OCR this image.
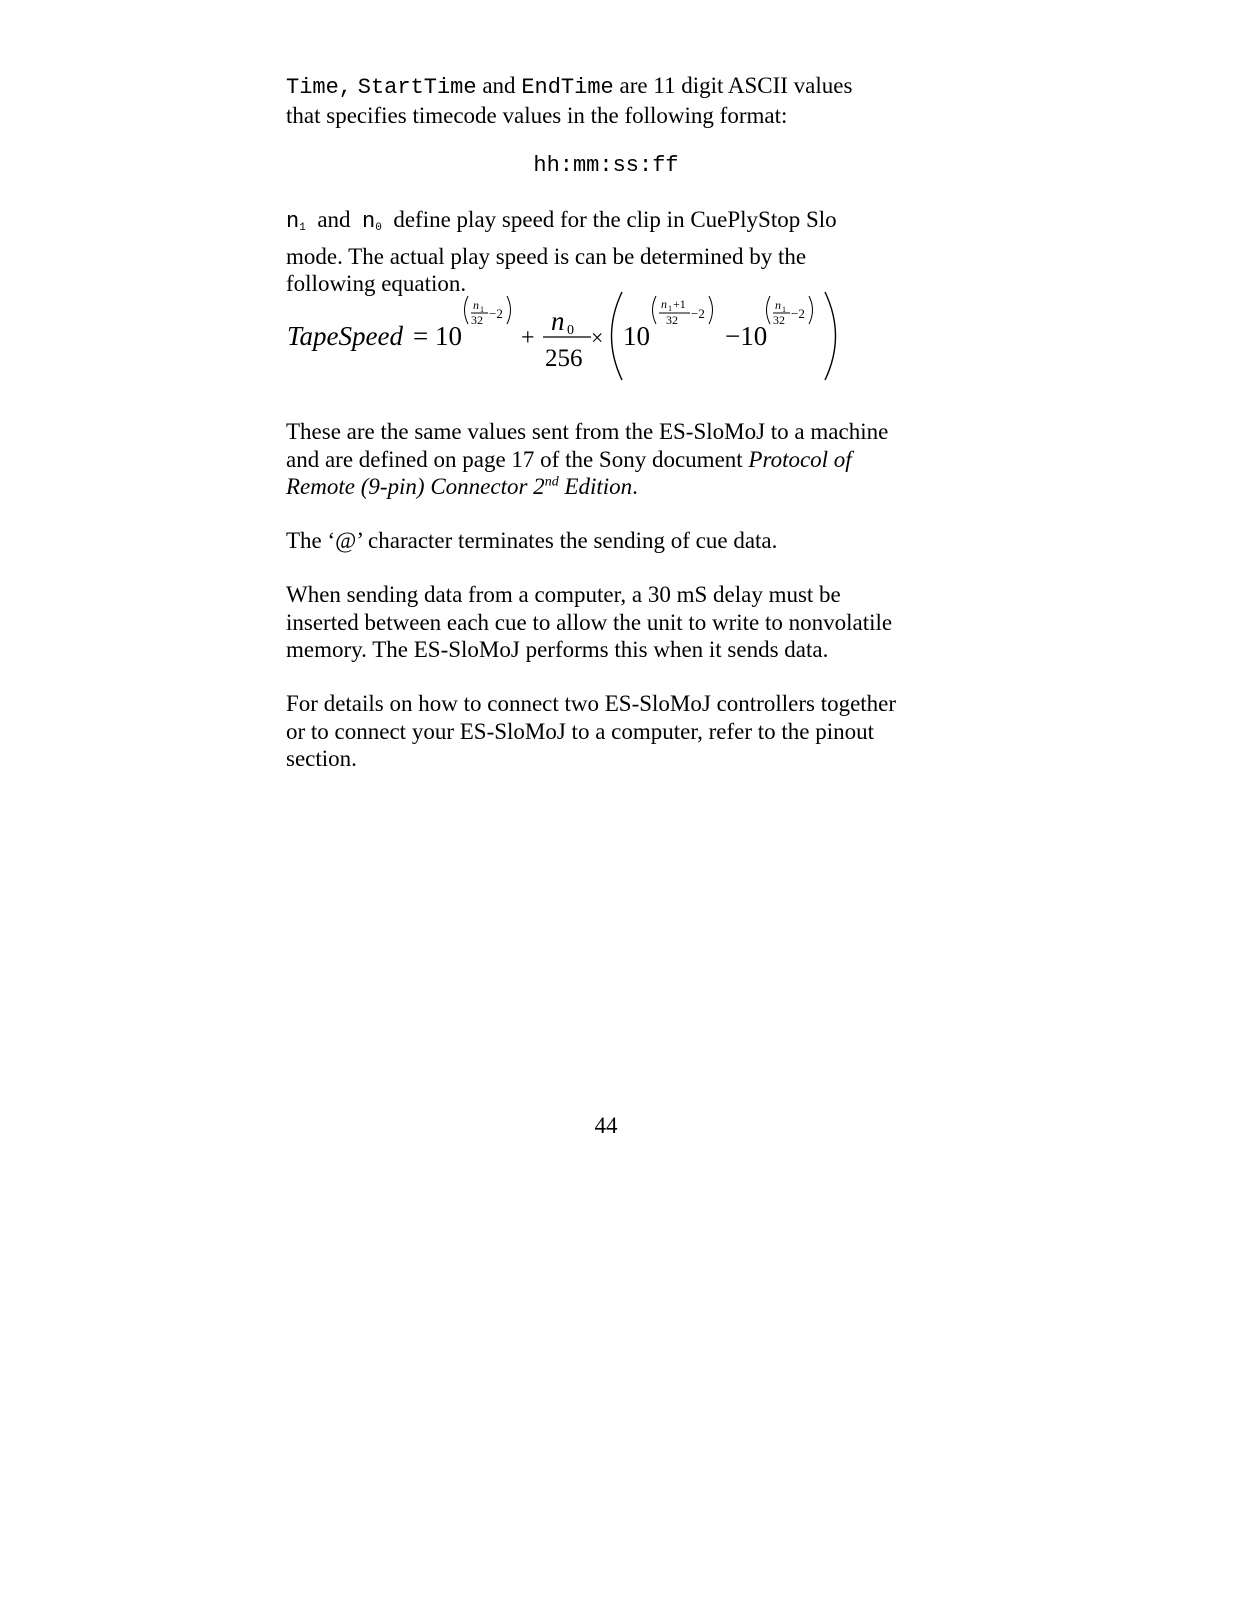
Time, StartTime and EndTime are 11 digit ASCII values
that specifies timecode values in the following format:

hh:mm:ss:ff

$n_1$ and $n_0$ define play speed for the clip in CuePlyStop Slo
mode. The actual play speed is can be determined by the
following equation.

TapeSpeed = 10
n 1
32 −2
+
n 0
256
× 10
n 1 +1
32 −2
−10
n 1
32 −2

These are the same values sent from the ES-SloMoJ to a machine
and are defined on page 17 of the Sony document Protocol of
Remote (9-pin) Connector 2nd Edition.

The ‘@’ character terminates the sending of cue data.

When sending data from a computer, a 30 mS delay must be
inserted between each cue to allow the unit to write to nonvolatile
memory. The ES-SloMoJ performs this when it sends data.

For details on how to connect two ES-SloMoJ controllers together
or to connect your ES-SloMoJ to a computer, refer to the pinout
section.

44
